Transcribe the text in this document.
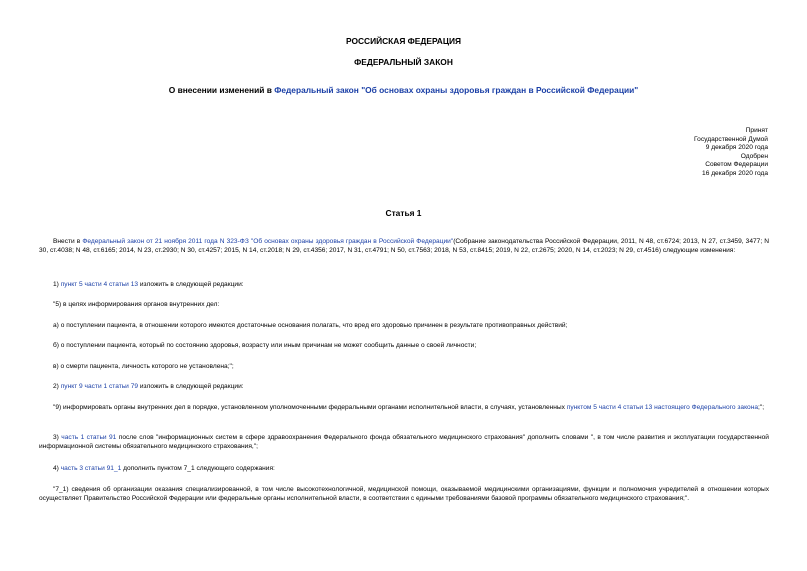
РОССИЙСКАЯ ФЕДЕРАЦИЯ
ФЕДЕРАЛЬНЫЙ ЗАКОН
О внесении изменений в Федеральный закон "Об основах охраны здоровья граждан в Российской Федерации"
Принят
Государственной Думой
9 декабря 2020 года
Одобрен
Советом Федерации
16 декабря 2020 года
Статья 1
Внести в Федеральный закон от 21 ноября 2011 года N 323-ФЗ "Об основах охраны здоровья граждан в Российской Федерации"(Собрание законодательства Российской Федерации, 2011, N 48, ст.6724; 2013, N 27, ст.3459, 3477; N 30, ст.4038; N 48, ст.6165; 2014, N 23, ст.2930; N 30, ст.4257; 2015, N 14, ст.2018; N 29, ст.4356; 2017, N 31, ст.4791; N 50, ст.7563; 2018, N 53, ст.8415; 2019, N 22, ст.2675; 2020, N 14, ст.2023; N 29, ст.4516) следующие изменения:
1) пункт 5 части 4 статьи 13 изложить в следующей редакции:
"5) в целях информирования органов внутренних дел:
а) о поступлении пациента, в отношении которого имеются достаточные основания полагать, что вред его здоровью причинен в результате противоправных действий;
б) о поступлении пациента, который по состоянию здоровья, возрасту или иным причинам не может сообщить данные о своей личности;
в) о смерти пациента, личность которого не установлена;";
2) пункт 9 части 1 статьи 79 изложить в следующей редакции:
"9) информировать органы внутренних дел в порядке, установленном уполномоченными федеральными органами исполнительной власти, в случаях, установленных пунктом 5 части 4 статьи 13 настоящего Федерального закона;";
3) часть 1 статьи 91 после слов "информационных систем в сфере здравоохранения Федерального фонда обязательного медицинского страхования" дополнить словами ", в том числе развития и эксплуатации государственной информационной системы обязательного медицинского страхования,";
4) часть 3 статьи 91_1 дополнить пунктом 7_1 следующего содержания:
"7_1) сведения об организации оказания специализированной, в том числе высокотехнологичной, медицинской помощи, оказываемой медицинскими организациями, функции и полномочия учредителей в отношении которых осуществляет Правительство Российской Федерации или федеральные органы исполнительной власти, в соответствии с едиными требованиями базовой программы обязательного медицинского страхования;".
